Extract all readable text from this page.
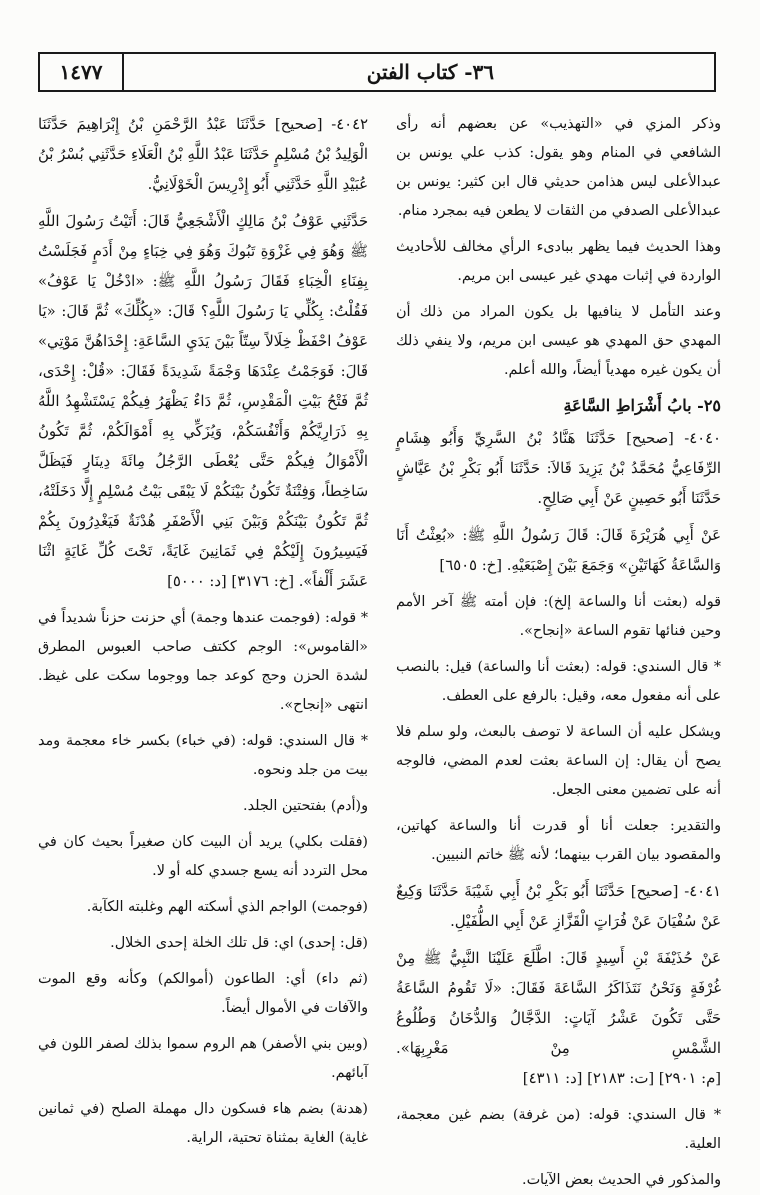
١٤٧٧	٣٦- كتاب الفتن

وذكر المزي في «التهذيب» عن بعضهم أنه رأى الشافعي في المنام وهو يقول: كذب علي يونس بن عبدالأعلى ليس هذامن حديثي قال ابن كثير: يونس بن عبدالأعلى الصدفي من الثقات لا يطعن فيه بمجرد منام.

وهذا الحديث فيما يظهر ببادىء الرأي مخالف للأحاديث الواردة في إثبات مهدي غير عيسى ابن مريم.

وعند التأمل لا ينافيها بل يكون المراد من ذلك أن المهدي حق المهدي هو عيسى ابن مريم، ولا ينفي ذلك أن يكون غيره مهدياً أيضاً، والله أعلم.

٢٥- بابُ أَشْرَاطِ السَّاعَةِ

٤٠٤٠- [صحيح] حَدَّثَنَا هَنَّادُ بْنُ السَّرِيِّ وَأَبُو هِشَامٍ الرِّفَاعِيُّ مُحَمَّدُ بْنُ يَزِيدَ قَالاَ: حَدَّثَنَا أَبُو بَكْرِ بْنُ عَيَّاشٍ حَدَّثَنَا أَبُو حَصِينٍ عَنْ أَبِي صَالِحٍ.

عَنْ أَبِي هُرَيْرَةَ قَالَ: قَالَ رَسُولُ اللَّهِ ﷺ: «بُعِثْتُ أَنَا وَالسَّاعَةُ كَهَاتَيْنِ» وَجَمَعَ بَيْنَ إِصْبَعَيْهِ. [خ: ٦٥٠٥]

قوله (بعثت أنا والساعة إلخ): فإن أمته ﷺ آخر الأمم وحين فنائها تقوم الساعة «إنجاح».

* قال السندي: قوله: (بعثت أنا والساعة) قيل: بالنصب على أنه مفعول معه، وقيل: بالرفع على العطف.

ويشكل عليه أن الساعة لا توصف بالبعث، ولو سلم فلا يصح أن يقال: إن الساعة بعثت لعدم المضي، فالوجه أنه على تضمين معنى الجعل.

والتقدير: جعلت أنا أو قدرت أنا والساعة كهاتين، والمقصود بيان القرب بينهما؛ لأنه ﷺ خاتم النبيين.

٤٠٤١- [صحيح] حَدَّثَنَا أَبُو بَكْرِ بْنُ أَبِي شَيْبَةَ حَدَّثَنَا وَكِيعٌ عَنْ سُفْيَانَ عَنْ فُرَاتٍ الْقَزَّازِ عَنْ أَبِي الطُّفَيْلِ.

عَنْ حُذَيْفَةَ بْنِ أَسِيدٍ قَالَ: اطَّلَعَ عَلَيْنَا النَّبِيُّ ﷺ مِنْ غُرْفَةٍ وَنَحْنُ نَتَذَاكَرُ السَّاعَةَ فَقَالَ: «لَا تَقُومُ السَّاعَةُ حَتَّى تَكُونَ عَشْرُ آيَاتٍ: الدَّجَّالُ وَالدُّخَانُ وَطُلُوعُ الشَّمْسِ مِنْ مَغْرِبِهَا». [م: ٢٩٠١] [ت: ٢١٨٣] [د: ٤٣١١]

* قال السندي: قوله: (من غرفة) بضم غين معجمة، العلية.

والمذكور في الحديث بعض الآيات.

٤٠٤٢- [صحيح] حَدَّثَنَا عَبْدُ الرَّحْمَنِ بْنُ إِبْرَاهِيمَ حَدَّثَنَا الْوَلِيدُ بْنُ مُسْلِمٍ حَدَّثَنَا عَبْدُ اللَّهِ بْنُ الْعَلَاءِ حَدَّثَنِي بُسْرُ بْنُ عُبَيْدِ اللَّهِ حَدَّثَنِي أَبُو إِدْرِيسَ الْخَوْلَانِيُّ.

حَدَّثَنِي عَوْفُ بْنُ مَالِكٍ الْأَشْجَعِيُّ قَالَ: أَتَيْتُ رَسُولَ اللَّهِ ﷺ وَهُوَ فِي غَزْوَةِ تَبُوكَ وَهُوَ فِي خِبَاءٍ مِنْ أَدَمٍ فَجَلَسْتُ بِفِنَاءِ الْخِبَاءِ فَقَالَ رَسُولُ اللَّهِ ﷺ: «ادْخُلْ يَا عَوْفُ» فَقُلْتُ: بِكُلِّي يَا رَسُولَ اللَّهِ؟ قَالَ: «بِكُلِّكَ» ثُمَّ قَالَ: «يَا عَوْفُ احْفَظْ خِلَالاً سِتّاً بَيْنَ يَدَيِ السَّاعَةِ: إِحْدَاهُنَّ مَوْتِي» قَالَ: فَوَجَمْتُ عِنْدَهَا وَجْمَةً شَدِيدَةً فَقَالَ: «قُلْ: إِحْدَى، ثُمَّ فَتْحُ بَيْتِ الْمَقْدِسِ، ثُمَّ دَاءٌ يَظْهَرُ فِيكُمْ يَسْتَشْهِدُ اللَّهُ بِهِ ذَرَارِيَّكُمْ وَأَنْفُسَكُمْ، وَيُزَكِّي بِهِ أَمْوَالَكُمْ، ثُمَّ تَكُونُ الْأَمْوَالُ فِيكُمْ حَتَّى يُعْطَى الرَّجُلُ مِائَةَ دِينَارٍ فَيَظَلَّ سَاخِطاً، وَفِتْنَةٌ تَكُونُ بَيْنَكُمْ لَا يَبْقَى بَيْتُ مُسْلِمٍ إِلَّا دَخَلَتْهُ، ثُمَّ تَكُونُ بَيْنَكُمْ وَبَيْنَ بَنِي الْأَصْفَرِ هُدْنَةٌ فَيَغْدِرُونَ بِكُمْ فَيَسِيرُونَ إِلَيْكُمْ فِي ثَمَانِينَ غَايَةً، تَحْتَ كُلِّ غَايَةٍ اثْنَا عَشَرَ أَلْفاً». [خ: ٣١٧٦] [د: ٥٠٠٠]

* قوله: (فوجمت عندها وجمة) أي حزنت حزناً شديداً في «القاموس»: الوجم ككتف صاحب العبوس المطرق لشدة الحزن وحج كوعد جما ووجوما سكت على غيظ. انتهى «إنجاح».

* قال السندي: قوله: (في خباء) بكسر خاء معجمة ومد بيت من جلد ونحوه.

و(أدم) بفتحتين الجلد.

(فقلت بكلي) يريد أن البيت كان صغيراً بحيث كان في محل التردد أنه يسع جسدي كله أو لا.

(فوجمت) الواجم الذي أسكته الهم وغلبته الكآبة.

(قل: إحدى) اي: قل تلك الخلة إحدى الخلال.

(ثم داء) أي: الطاعون (أموالكم) وكأنه وقع الموت والآفات في الأموال أيضاً.

(وبين بني الأصفر) هم الروم سموا بذلك لصفر اللون في آبائهم.

(هدنة) بضم هاء فسكون دال مهملة الصلح (في ثمانين غاية) الغاية بمثناة تحتية، الراية.
